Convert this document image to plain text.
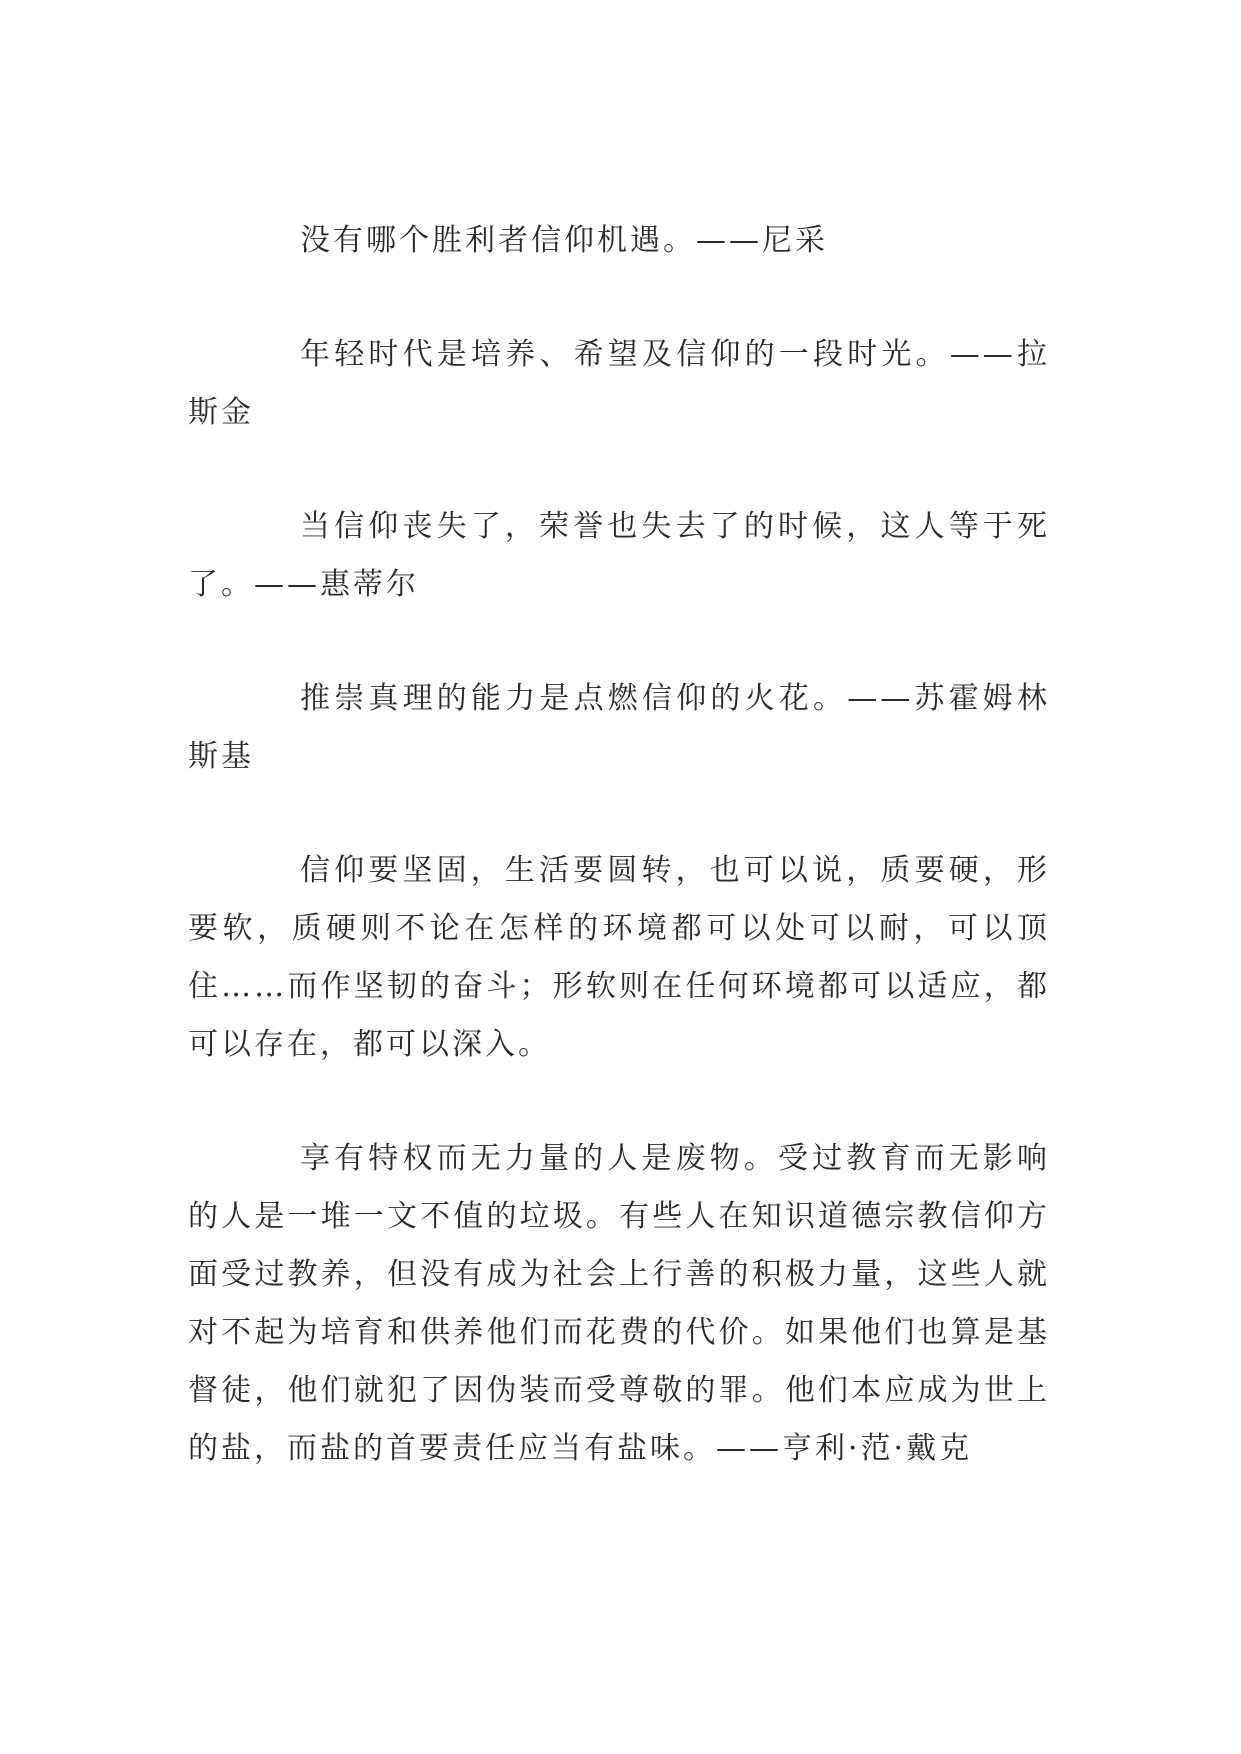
没有哪个胜利者信仰机遇。——尼采

年轻时代是培养、希望及信仰的一段时光。——拉斯金

当信仰丧失了，荣誉也失去了的时候，这人等于死了。——惠蒂尔

推崇真理的能力是点燃信仰的火花。——苏霍姆林斯基

信仰要坚固，生活要圆转，也可以说，质要硬，形要软，质硬则不论在怎样的环境都可以处可以耐，可以顶住……而作坚韧的奋斗；形软则在任何环境都可以适应，都可以存在，都可以深入。

享有特权而无力量的人是废物。受过教育而无影响的人是一堆一文不值的垃圾。有些人在知识道德宗教信仰方面受过教养，但没有成为社会上行善的积极力量，这些人就对不起为培育和供养他们而花费的代价。如果他们也算是基督徒，他们就犯了因伪装而受尊敬的罪。他们本应成为世上的盐，而盐的首要责任应当有盐味。——亨利·范·戴克
